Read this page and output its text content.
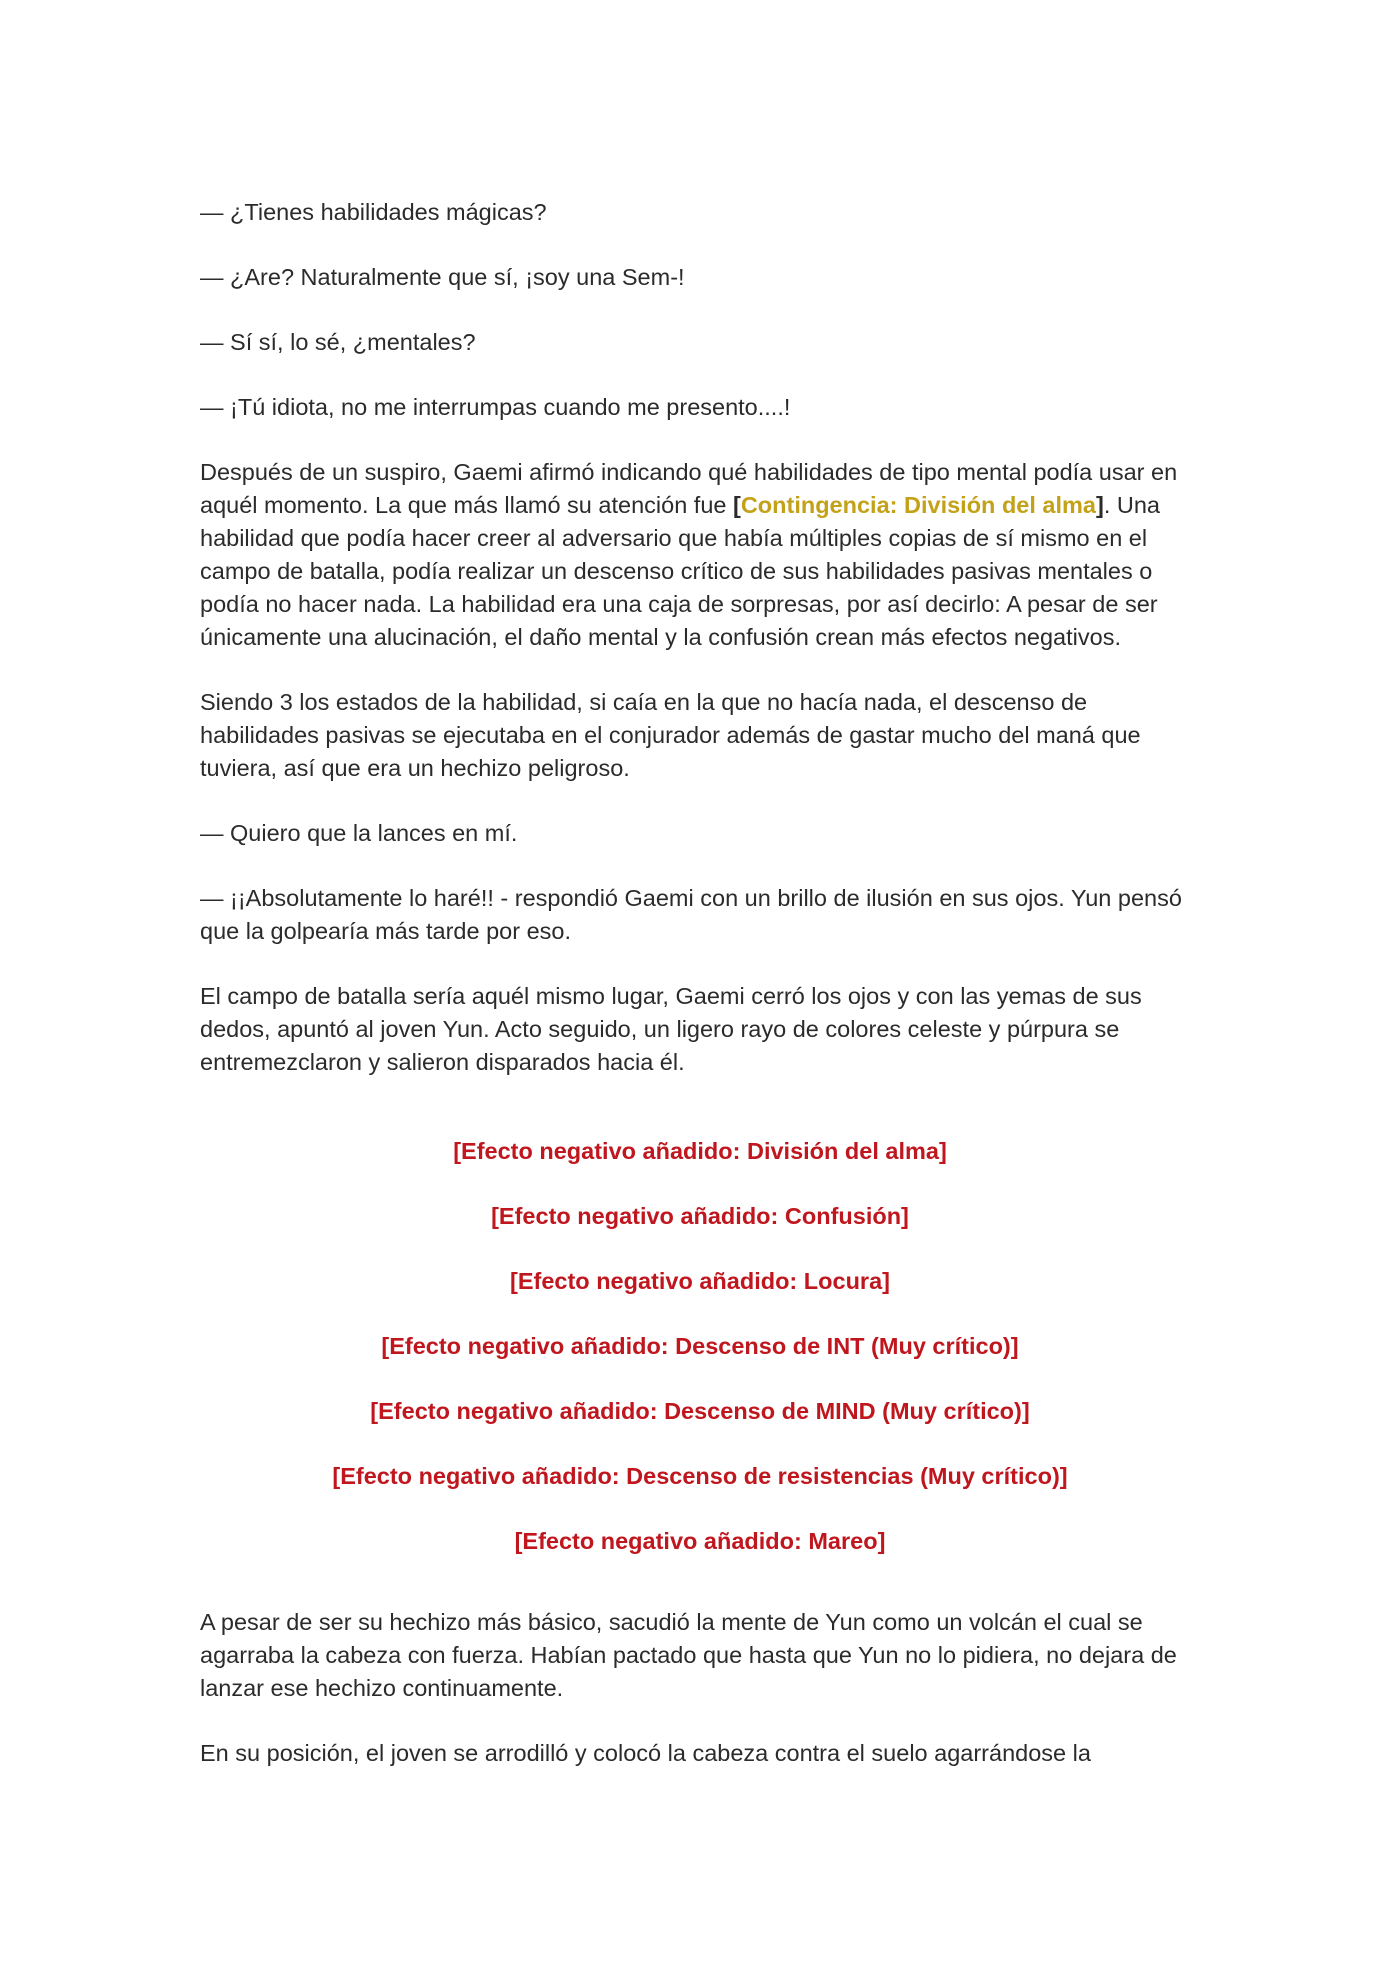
— ¿Tienes habilidades mágicas?

— ¿Are? Naturalmente que sí, ¡soy una Sem-!

— Sí sí, lo sé, ¿mentales?

— ¡Tú idiota, no me interrumpas cuando me presento....!

Después de un suspiro, Gaemi afirmó indicando qué habilidades de tipo mental podía usar en aquél momento. La que más llamó su atención fue [Contingencia: División del alma]. Una habilidad que podía hacer creer al adversario que había múltiples copias de sí mismo en el campo de batalla, podía realizar un descenso crítico de sus habilidades pasivas mentales o podía no hacer nada. La habilidad era una caja de sorpresas, por así decirlo: A pesar de ser únicamente una alucinación, el daño mental y la confusión crean más efectos negativos.

Siendo 3 los estados de la habilidad, si caía en la que no hacía nada, el descenso de habilidades pasivas se ejecutaba en el conjurador además de gastar mucho del maná que tuviera, así que era un hechizo peligroso.

— Quiero que la lances en mí.

— ¡¡Absolutamente lo haré!! - respondió Gaemi con un brillo de ilusión en sus ojos. Yun pensó que la golpearía más tarde por eso.

El campo de batalla sería aquél mismo lugar, Gaemi cerró los ojos y con las yemas de sus dedos, apuntó al joven Yun. Acto seguido, un ligero rayo de colores celeste y púrpura se entremezclaron y salieron disparados hacia él.

[Efecto negativo añadido: División del alma]

[Efecto negativo añadido: Confusión]

[Efecto negativo añadido: Locura]

[Efecto negativo añadido: Descenso de INT (Muy crítico)]

[Efecto negativo añadido: Descenso de MIND (Muy crítico)]

[Efecto negativo añadido: Descenso de resistencias (Muy crítico)]

[Efecto negativo añadido: Mareo]

A pesar de ser su hechizo más básico, sacudió la mente de Yun como un volcán el cual se agarraba la cabeza con fuerza. Habían pactado que hasta que Yun no lo pidiera, no dejara de lanzar ese hechizo continuamente.

En su posición, el joven se arrodilló y colocó la cabeza contra el suelo agarrándose la
